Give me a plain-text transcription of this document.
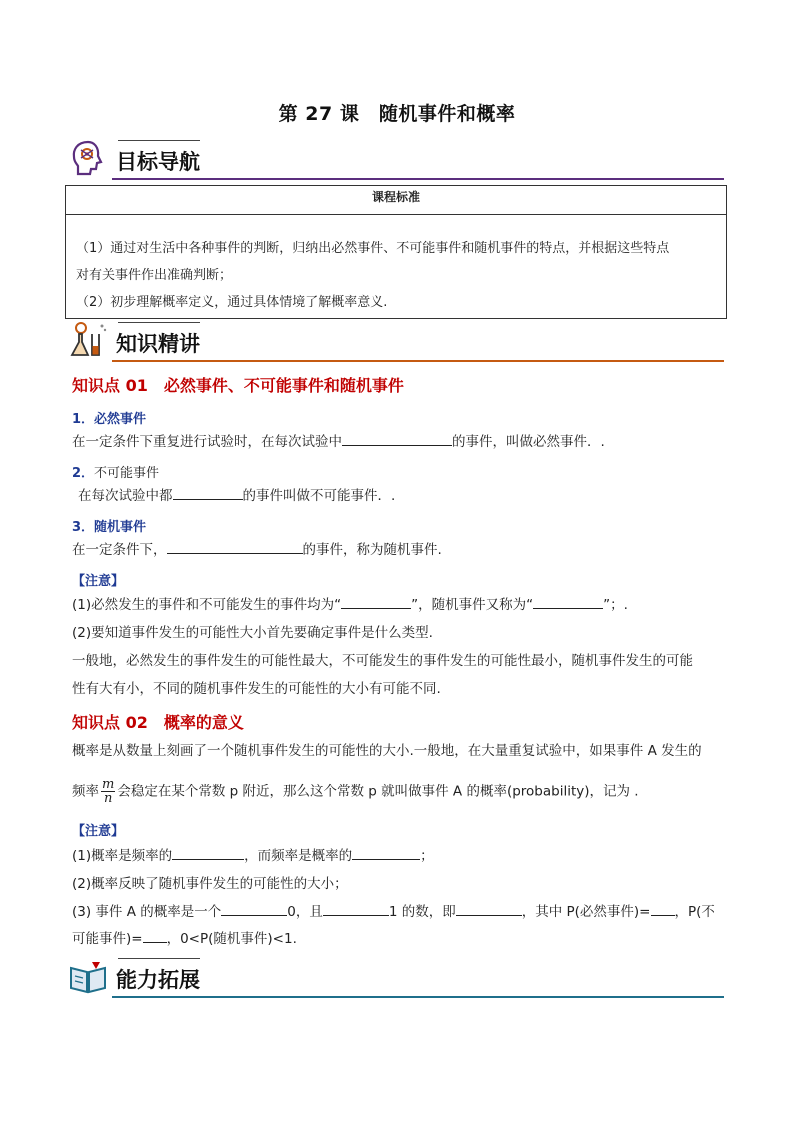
第 27 课　随机事件和概率
目标导航
课程标准
（1）通过对生活中各种事件的判断，归纳出必然事件、不可能事件和随机事件的特点，并根据这些特点
对有关事件作出准确判断；
（2）初步理解概率定义，通过具体情境了解概率意义.
知识精讲
知识点 01　必然事件、不可能事件和随机事件
1．必然事件
在一定条件下重复进行试验时，在每次试验中	的事件，叫做必然事件．.
2．不可能事件
在每次试验中都	的事件叫做不可能事件．.
3．随机事件
在一定条件下，	的事件，称为随机事件.
【注意】
(1)必然发生的事件和不可能发生的事件均为“	”，随机事件又称为“	”；.
(2)要知道事件发生的可能性大小首先要确定事件是什么类型.
一般地，必然发生的事件发生的可能性最大，不可能发生的事件发生的可能性最小，随机事件发生的可能
性有大有小，不同的随机事件发生的可能性的大小有可能不同.
知识点 02　概率的意义
概率是从数量上刻画了一个随机事件发生的可能性的大小.一般地，在大量重复试验中，如果事件 A 发生的
频率 $\frac{m}{n}$ 会稳定在某个常数 p 附近，那么这个常数 p 就叫做事件 A 的概率(probability)，记为 .
【注意】
(1)概率是频率的	，而频率是概率的	；
(2)概率反映了随机事件发生的可能性的大小；
(3) 事件 A 的概率是一个	0，且	1 的数，即	，其中 P(必然事件)= ，P(不
可能事件)= ，0<P(随机事件)<1.
能力拓展
